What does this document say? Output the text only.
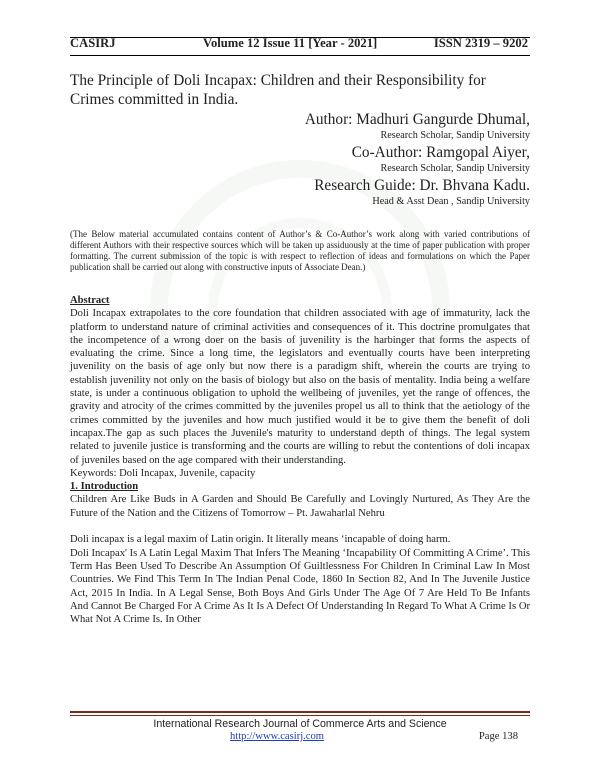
CASIRJ	Volume 12 Issue 11 [Year - 2021]	ISSN 2319 – 9202
The Principle of Doli Incapax: Children and their Responsibility for Crimes committed in India.
Author: Madhuri Gangurde Dhumal,
Research Scholar, Sandip University
Co-Author: Ramgopal Aiyer,
Research Scholar, Sandip University
Research Guide: Dr. Bhvana Kadu.
Head & Asst Dean , Sandip University
(The Below material accumulated contains content of Author’s & Co-Author’s work along with varied contributions of different Authors with their respective sources which will be taken up assiduously at the time of paper publication with proper formatting. The current submission of the topic is with respect to reflection of ideas and formulations on which the Paper publication shall be carried out along with constructive inputs of Associate Dean.)

Abstract

Doli Incapax extrapolates to the core foundation that children associated with age of immaturity, lack the platform to understand nature of criminal activities and consequences of it. This doctrine promulgates that the incompetence of a wrong doer on the basis of juvenility is the harbinger that forms the aspects of evaluating the crime. Since a long time, the legislators and eventually courts have been interpreting juvenility on the basis of age only but now there is a paradigm shift, wherein the courts are trying to establish juvenility not only on the basis of biology but also on the basis of mentality. India being a welfare state, is under a continuous obligation to uphold the wellbeing of juveniles, yet the range of offences, the gravity and atrocity of the crimes committed by the juveniles propel us all to think that the aetiology of the crimes committed by the juveniles and how much justified would it be to give them the benefit of doli incapax.The gap as such places the Juvenile's maturity to understand depth of things. The legal system related to juvenile justice is transforming and the courts are willing to rebut the contentions of doli incapax of juveniles based on the age compared with their understanding.

Keywords: Doli Incapax, Juvenile, capacity

1. Introduction

Children Are Like Buds in A Garden and Should Be Carefully and Lovingly Nurtured, As They Are the Future of the Nation and the Citizens of Tomorrow – Pt. Jawaharlal Nehru

Doli incapax is a legal maxim of Latin origin. It literally means ‘incapable of doing harm.

Doli Incapax' Is A Latin Legal Maxim That Infers The Meaning ‘Incapability Of Committing A Crime’. This Term Has Been Used To Describe An Assumption Of Guiltlessness For Children In Criminal Law In Most Countries. We Find This Term In The Indian Penal Code, 1860 In Section 82, And In The Juvenile Justice Act, 2015 In India. In A Legal Sense, Both Boys And Girls Under The Age Of 7 Are Held To Be Infants And Cannot Be Charged For A Crime As It Is A Defect Of Understanding In Regard To What A Crime Is Or What Not A Crime Is. In Other

International Research Journal of Commerce Arts and Science
http://www.casirj.com	Page 138
